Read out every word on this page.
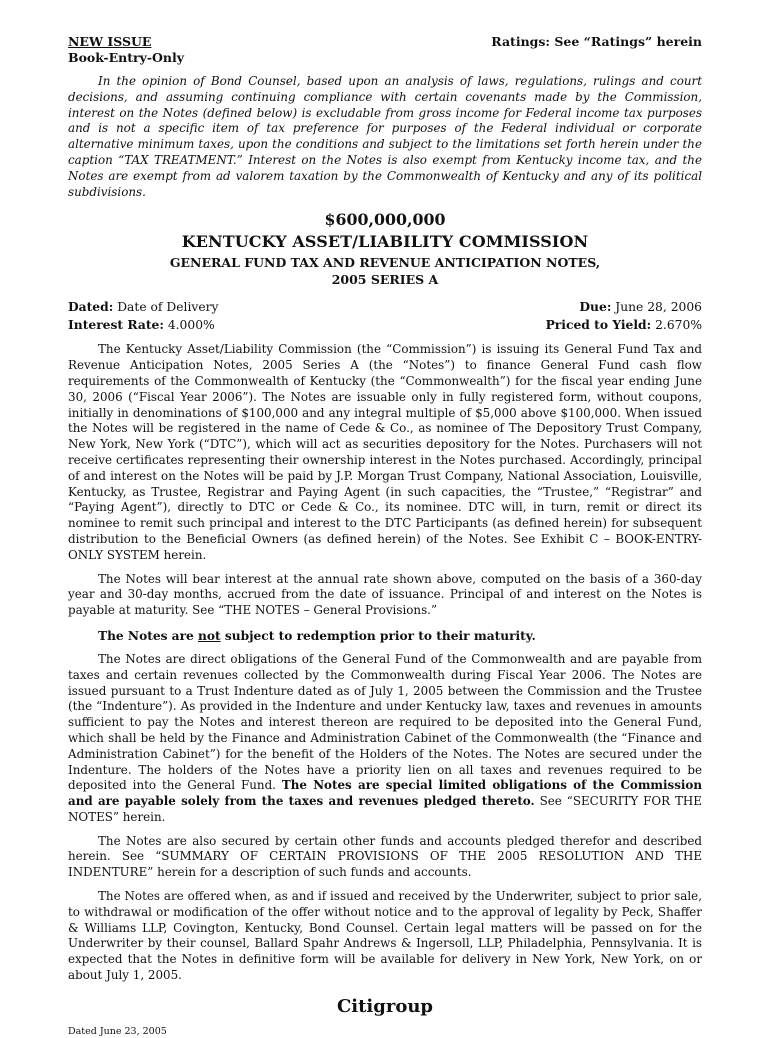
NEW ISSUE	Ratings: See “Ratings” herein
Book-Entry-Only

In the opinion of Bond Counsel, based upon an analysis of laws, regulations, rulings and court decisions, and assuming continuing compliance with certain covenants made by the Commission, interest on the Notes (defined below) is excludable from gross income for Federal income tax purposes and is not a specific item of tax preference for purposes of the Federal individual or corporate alternative minimum taxes, upon the conditions and subject to the limitations set forth herein under the caption “TAX TREATMENT.” Interest on the Notes is also exempt from Kentucky income tax, and the Notes are exempt from ad valorem taxation by the Commonwealth of Kentucky and any of its political subdivisions.

$600,000,000
KENTUCKY ASSET/LIABILITY COMMISSION
GENERAL FUND TAX AND REVENUE ANTICIPATION NOTES,
2005 SERIES A
Dated: Date of Delivery
Interest Rate: 4.000%
Due: June 28, 2006
Priced to Yield: 2.670%

The Kentucky Asset/Liability Commission (the “Commission”) is issuing its General Fund Tax and Revenue Anticipation Notes, 2005 Series A (the “Notes”) to finance General Fund cash flow requirements of the Commonwealth of Kentucky (the “Commonwealth”) for the fiscal year ending June 30, 2006 (“Fiscal Year 2006”). The Notes are issuable only in fully registered form, without coupons, initially in denominations of $100,000 and any integral multiple of $5,000 above $100,000. When issued the Notes will be registered in the name of Cede & Co., as nominee of The Depository Trust Company, New York, New York (“DTC”), which will act as securities depository for the Notes. Purchasers will not receive certificates representing their ownership interest in the Notes purchased. Accordingly, principal of and interest on the Notes will be paid by J.P. Morgan Trust Company, National Association, Louisville, Kentucky, as Trustee, Registrar and Paying Agent (in such capacities, the “Trustee,” “Registrar” and “Paying Agent”), directly to DTC or Cede & Co., its nominee. DTC will, in turn, remit or direct its nominee to remit such principal and interest to the DTC Participants (as defined herein) for subsequent distribution to the Beneficial Owners (as defined herein) of the Notes. See Exhibit C – BOOK-ENTRY-ONLY SYSTEM herein.

The Notes will bear interest at the annual rate shown above, computed on the basis of a 360-day year and 30-day months, accrued from the date of issuance. Principal of and interest on the Notes is payable at maturity. See “THE NOTES – General Provisions.”

The Notes are not subject to redemption prior to their maturity.

The Notes are direct obligations of the General Fund of the Commonwealth and are payable from taxes and certain revenues collected by the Commonwealth during Fiscal Year 2006. The Notes are issued pursuant to a Trust Indenture dated as of July 1, 2005 between the Commission and the Trustee (the “Indenture”). As provided in the Indenture and under Kentucky law, taxes and revenues in amounts sufficient to pay the Notes and interest thereon are required to be deposited into the General Fund, which shall be held by the Finance and Administration Cabinet of the Commonwealth (the “Finance and Administration Cabinet”) for the benefit of the Holders of the Notes. The Notes are secured under the Indenture. The holders of the Notes have a priority lien on all taxes and revenues required to be deposited into the General Fund. The Notes are special limited obligations of the Commission and are payable solely from the taxes and revenues pledged thereto. See “SECURITY FOR THE NOTES” herein.

The Notes are also secured by certain other funds and accounts pledged therefor and described herein. See “SUMMARY OF CERTAIN PROVISIONS OF THE 2005 RESOLUTION AND THE INDENTURE” herein for a description of such funds and accounts.

The Notes are offered when, as and if issued and received by the Underwriter, subject to prior sale, to withdrawal or modification of the offer without notice and to the approval of legality by Peck, Shaffer & Williams LLP, Covington, Kentucky, Bond Counsel. Certain legal matters will be passed on for the Underwriter by their counsel, Ballard Spahr Andrews & Ingersoll, LLP, Philadelphia, Pennsylvania. It is expected that the Notes in definitive form will be available for delivery in New York, New York, on or about July 1, 2005.

Citigroup
Dated June 23, 2005
